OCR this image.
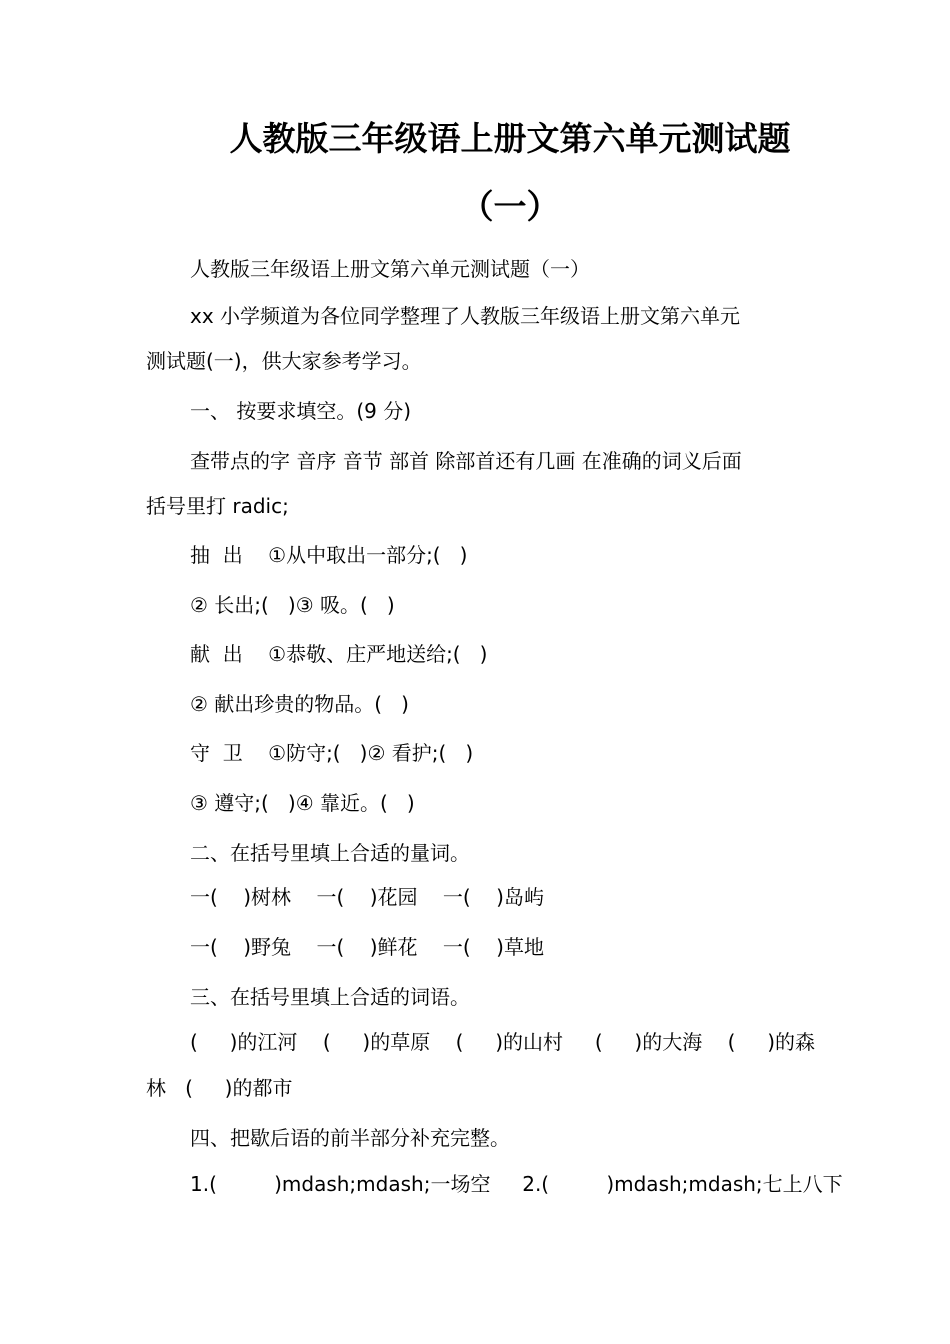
人教版三年级语上册文第六单元测试题
（一）
人教版三年级语上册文第六单元测试题（一）
xx 小学频道为各位同学整理了人教版三年级语上册文第六单元
测试题(一)，供大家参考学习。
一、 按要求填空。(9 分)
查带点的字 音序 音节 部首 除部首还有几画 在准确的词义后面
括号里打 radic;
抽  出    ①从中取出一部分;(   )
② 长出;(   )③ 吸。(   )
献  出    ①恭敬、庄严地送给;(   )
② 献出珍贵的物品。(   )
守  卫    ①防守;(   )② 看护;(   )
③ 遵守;(   )④ 靠近。(   )
二、在括号里填上合适的量词。
一(    )树林    一(    )花园    一(    )岛屿
一(    )野兔    一(    )鲜花    一(    )草地
三、在括号里填上合适的词语。
(     )的江河    (     )的草原    (     )的山村     (     )的大海    (     )的森
林   (     )的都市
四、把歇后语的前半部分补充完整。
1.(         )mdash;mdash;一场空     2.(         )mdash;mdash;七上八下
